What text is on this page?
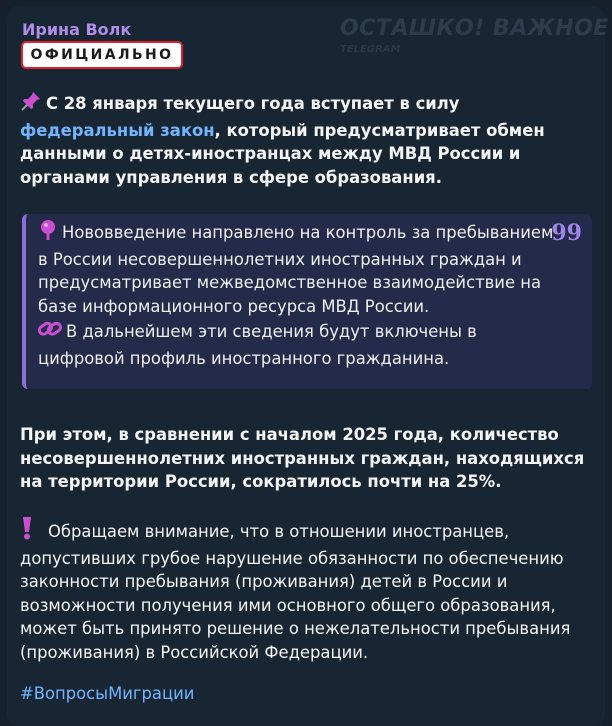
Ирина Волк
ОФИЦИАЛЬНО
ОСТАШКО! ВАЖНОЕ
TELEGRAM

С 28 января текущего года вступает в силу федеральный закон, который предусматривает обмен данными о детях-иностранцах между МВД России и органами управления в сфере образования.

Нововведение направлено на контроль за пребыванием в России несовершеннолетних иностранных граждан и предусматривает межведомственное взаимодействие на базе информационного ресурса МВД России.
В дальнейшем эти сведения будут включены в цифровой профиль иностранного гражданина.

99

При этом, в сравнении с началом 2025 года, количество несовершеннолетних иностранных граждан, находящихся на территории России, сократилось почти на 25%.

Обращаем внимание, что в отношении иностранцев, допустивших грубое нарушение обязанности по обеспечению законности пребывания (проживания) детей в России и возможности получения ими основного общего образования, может быть принято решение о нежелательности пребывания (проживания) в Российской Федерации.

#ВопросыМиграции
